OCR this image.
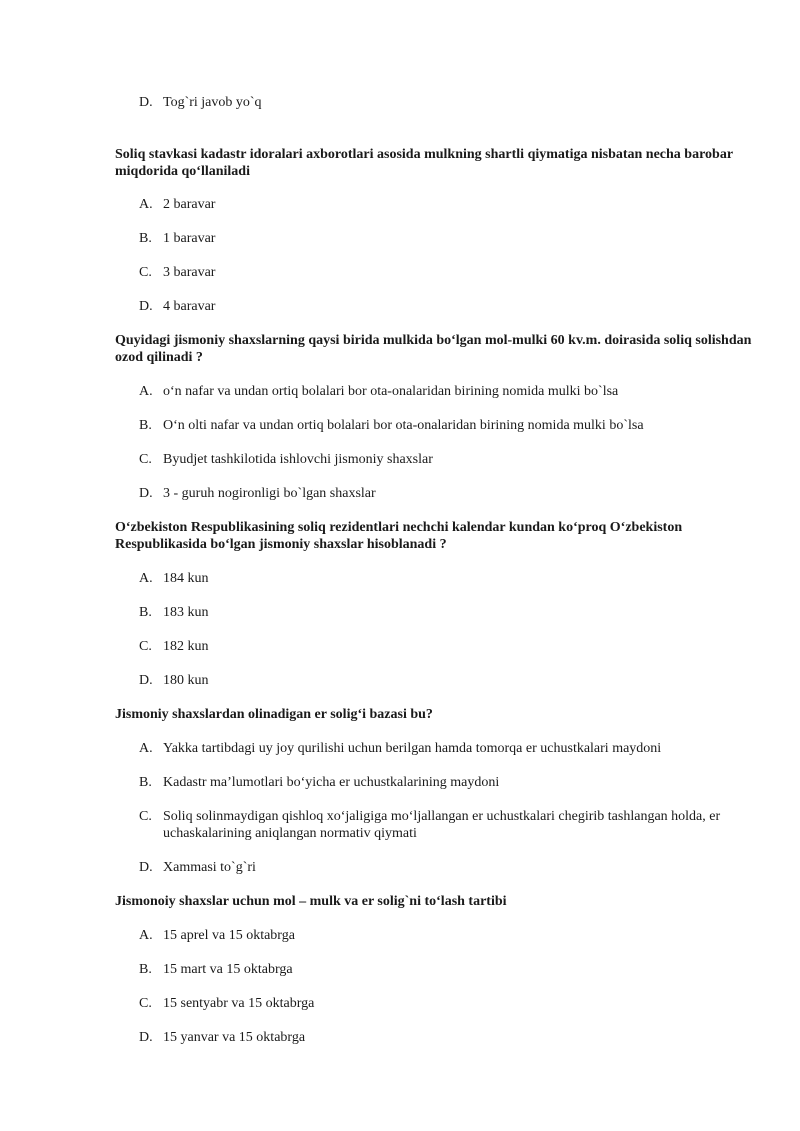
D. Tog`ri javob yo`q
Soliq stavkasi kadastr idoralari axborotlari asosida mulkning shartli qiymatiga nisbatan necha barobar miqdorida qo‘llaniladi
A. 2 baravar
B. 1 baravar
C. 3 baravar
D. 4 baravar
Quyidagi jismoniy shaxslarning qaysi birida mulkida bo‘lgan mol-mulki 60 kv.m. doirasida soliq solishdan ozod qilinadi ?
A. o‘n nafar va undan ortiq bolalari bor ota-onalaridan birining nomida mulki bo`lsa
B. O‘n olti nafar va undan ortiq bolalari bor ota-onalaridan birining nomida mulki bo`lsa
C. Byudjet tashkilotida ishlovchi jismoniy shaxslar
D. 3 - guruh nogironligi bo`lgan shaxslar
O‘zbekiston Respublikasining soliq rezidentlari nechchi kalendar kundan ko‘proq O‘zbekiston Respublikasida bo‘lgan jismoniy shaxslar hisoblanadi ?
A. 184 kun
B. 183 kun
C. 182 kun
D. 180 kun
Jismoniy shaxslardan olinadigan er solig‘i bazasi bu?
A. Yakka tartibdagi uy joy qurilishi uchun berilgan hamda tomorqa er uchustkalari maydoni
B. Kadastr ma’lumotlari bo‘yicha er uchustkalarining maydoni
C. Soliq solinmaydigan qishloq xo‘jaligiga mo‘ljallangan er uchustkalari chegirib tashlangan holda, er uchaskalarining aniqlangan normativ qiymati
D. Xammasi to`g`ri
Jismonoiy shaxslar uchun mol – mulk va er solig`ni to‘lash tartibi
A. 15 aprel va 15 oktabrga
B. 15 mart va 15 oktabrga
C. 15 sentyabr va 15 oktabrga
D. 15 yanvar va 15 oktabrga
